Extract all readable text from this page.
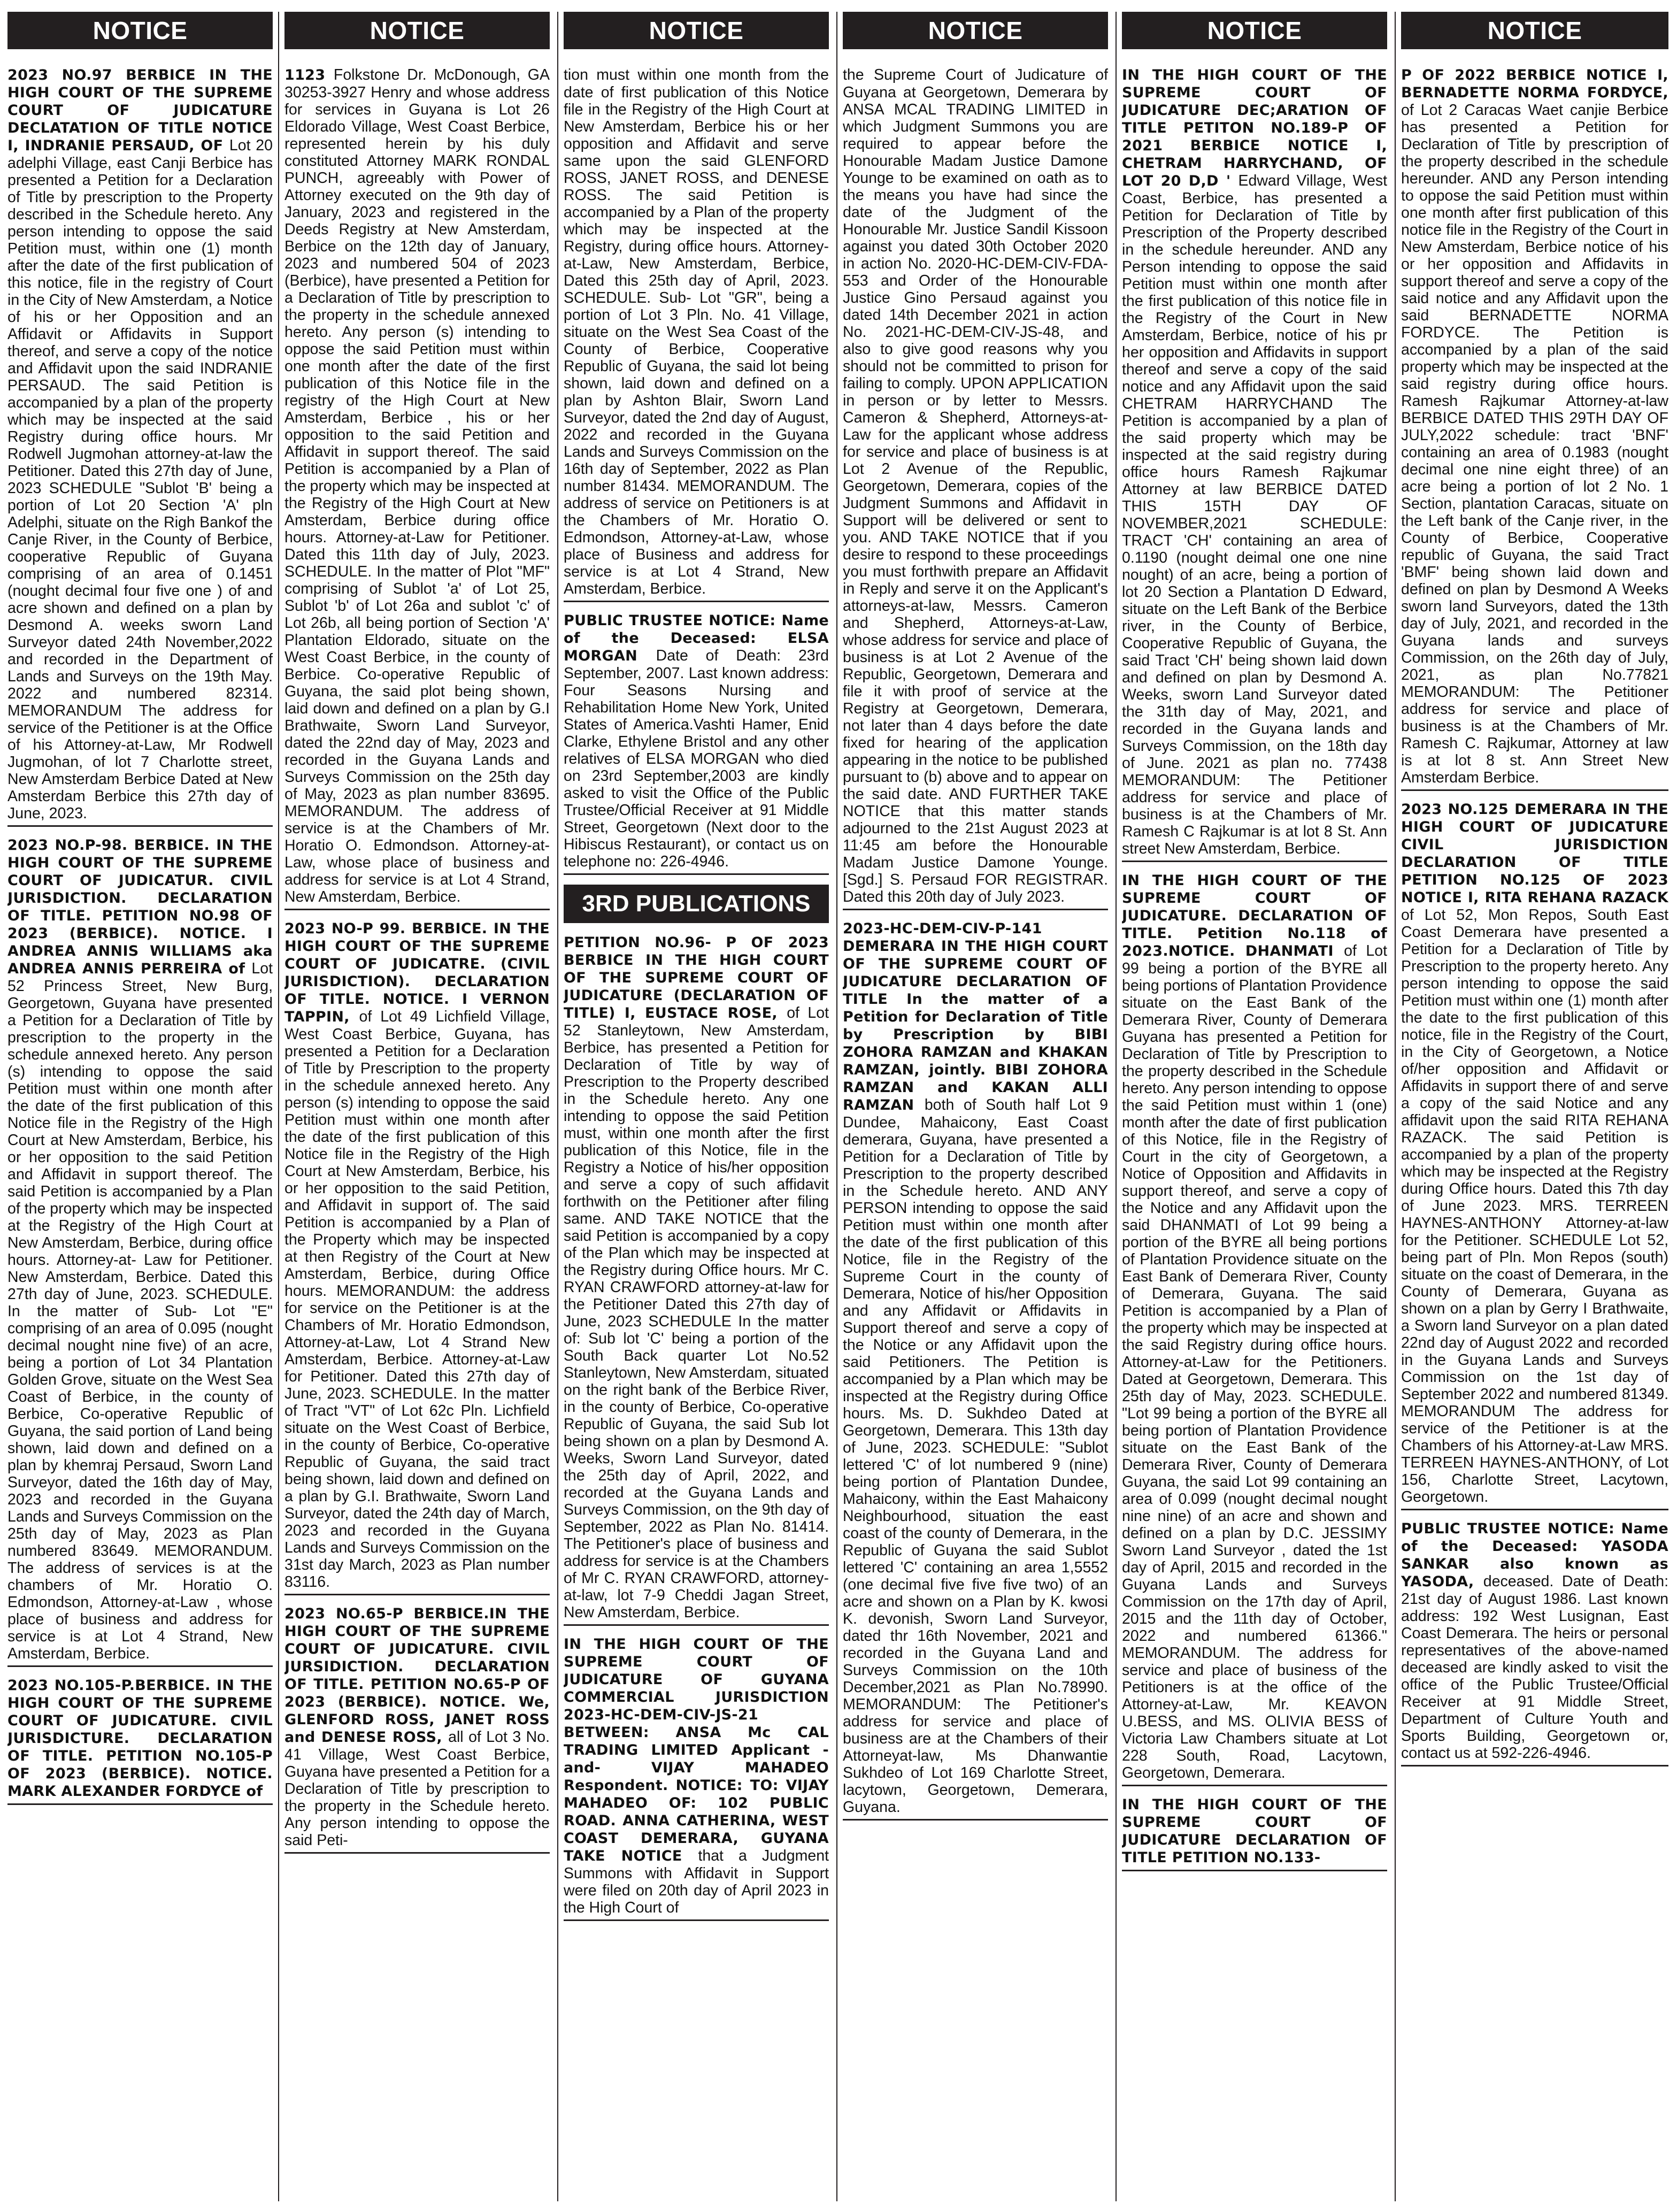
NOTICE
2023 NO.97 BERBICE IN THE HIGH COURT OF THE SUPREME COURT OF JUDICATURE DECLATATION OF TITLE NOTICE I, INDRANIE PERSAUD, OF Lot 20 adelphi Village, east Canji Berbice has presented a Petition for a Declaration of Title by prescription to the Property described in the Schedule hereto. Any person intending to oppose the said Petition must, within one (1) month after the date of the first publication of this notice, file in the registry of Court in the City of New Amsterdam, a Notice of his or her Opposition and an Affidavit or Affidavits in Support thereof, and serve a copy of the notice and Affidavit upon the said INDRANIE PERSAUD. The said Petition is accompanied by a plan of the property which may be inspected at the said Registry during office hours. Mr Rodwell Jugmohan attorney-at-law the Petitioner. Dated this 27th day of June, 2023 SCHEDULE "Sublot 'B' being a portion of Lot 20 Section 'A' pln Adelphi, situate on the Righ Bankof the Canje River, in the County of Berbice, cooperative Republic of Guyana comprising of an area of 0.1451 (nought decimal four five one ) of and acre shown and defined on a plan by Desmond A. weeks sworn Land Surveyor dated 24th November,2022 and recorded in the Department of Lands and Surveys on the 19th May. 2022 and numbered 82314. MEMORANDUM The address for service of the Petitioner is at the Office of his Attorney-at-Law, Mr Rodwell Jugmohan, of lot 7 Charlotte street, New Amsterdam Berbice Dated at New Amsterdam Berbice this 27th day of June, 2023.
2023 NO.P-98. BERBICE. IN THE HIGH COURT OF THE SUPREME COURT OF JUDICATUR. CIVIL JURISDICTION. DECLARATION OF TITLE. PETITION NO.98 OF 2023 (BERBICE). NOTICE. I ANDREA ANNIS WILLIAMS aka ANDREA ANNIS PERREIRA of Lot 52 Princess Street, New Burg, Georgetown, Guyana have presented a Petition for a Declaration of Title by prescription to the property in the schedule annexed hereto. Any person (s) intending to oppose the said Petition must within one month after the date of the first publication of this Notice file in the Registry of the High Court at New Amsterdam, Berbice, his or her opposition to the said Petition and Affidavit in support thereof. The said Petition is accompanied by a Plan of the property which may be inspected at the Registry of the High Court at New Amsterdam, Berbice, during office hours. Attorney-at- Law for Petitioner. New Amsterdam, Berbice. Dated this 27th day of June, 2023. SCHEDULE. In the matter of Sub- Lot "E" comprising of an area of 0.095 (nought decimal nought nine five) of an acre, being a portion of Lot 34 Plantation Golden Grove, situate on the West Sea Coast of Berbice, in the county of Berbice, Co-operative Republic of Guyana, the said portion of Land being shown, laid down and defined on a plan by khemraj Persaud, Sworn Land Surveyor, dated the 16th day of May, 2023 and recorded in the Guyana Lands and Surveys Commission on the 25th day of May, 2023 as Plan numbered 83649. MEMORANDUM. The address of services is at the chambers of Mr. Horatio O. Edmondson, Attorney-at-Law , whose place of business and address for service is at Lot 4 Strand, New Amsterdam, Berbice.
2023 NO.105-P.BERBICE. IN THE HIGH COURT OF THE SUPREME COURT OF JUDICATURE. CIVIL JURISDICTURE. DECLARATION OF TITLE. PETITION NO.105-P OF 2023 (BERBICE). NOTICE. MARK ALEXANDER FORDYCE of
NOTICE
1123 Folkstone Dr. McDonough, GA 30253-3927 Henry and whose address for services in Guyana is Lot 26 Eldorado Village, West Coast Berbice, represented herein by his duly constituted Attorney MARK RONDAL PUNCH, agreeably with Power of Attorney executed on the 9th day of January, 2023 and registered in the Deeds Registry at New Amsterdam, Berbice on the 12th day of January, 2023 and numbered 504 of 2023 (Berbice), have presented a Petition for a Declaration of Title by prescription to the property in the schedule annexed hereto. Any person (s) intending to oppose the said Petition must within one month after the date of the first publication of this Notice file in the registry of the High Court at New Amsterdam, Berbice , his or her opposition to the said Petition and Affidavit in support thereof. The said Petition is accompanied by a Plan of the property which may be inspected at the Registry of the High Court at New Amsterdam, Berbice during office hours. Attorney-at-Law for Petitioner. Dated this 11th day of July, 2023. SCHEDULE. In the matter of Plot "MF" comprising of Sublot 'a' of Lot 25, Sublot 'b' of Lot 26a and sublot 'c' of Lot 26b, all being portion of Section 'A' Plantation Eldorado, situate on the West Coast Berbice, in the county of Berbice. Co-operative Republic of Guyana, the said plot being shown, laid down and defined on a plan by G.I Brathwaite, Sworn Land Surveyor, dated the 22nd day of May, 2023 and recorded in the Guyana Lands and Surveys Commission on the 25th day of May, 2023 as plan number 83695. MEMORANDUM. The address of service is at the Chambers of Mr. Horatio O. Edmondson. Attorney-at-Law, whose place of business and address for service is at Lot 4 Strand, New Amsterdam, Berbice.
2023 NO-P 99. BERBICE. IN THE HIGH COURT OF THE SUPREME COURT OF JUDICATRE. (CIVIL JURISDICTION). DECLARATION OF TITLE. NOTICE. I VERNON TAPPIN, of Lot 49 Lichfield Village, West Coast Berbice, Guyana, has presented a Petition for a Declaration of Title by Prescription to the property in the schedule annexed hereto. Any person (s) intending to oppose the said Petition must within one month after the date of the first publication of this Notice file in the Registry of the High Court at New Amsterdam, Berbice, his or her opposition to the said Petition, and Affidavit in support of. The said Petition is accompanied by a Plan of the Property which may be inspected at then Registry of the Court at New Amsterdam, Berbice, during Office hours. MEMORANDUM: the address for service on the Petitioner is at the Chambers of Mr. Horatio Edmondson, Attorney-at-Law, Lot 4 Strand New Amsterdam, Berbice. Attorney-at-Law for Petitioner. Dated this 27th day of June, 2023. SCHEDULE. In the matter of Tract "VT" of Lot 62c Pln. Lichfield situate on the West Coast of Berbice, in the county of Berbice, Co-operative Republic of Guyana, the said tract being shown, laid down and defined on a plan by G.I. Brathwaite, Sworn Land Surveyor, dated the 24th day of March, 2023 and recorded in the Guyana Lands and Surveys Commission on the 31st day March, 2023 as Plan number 83116.
2023 NO.65-P BERBICE.IN THE HIGH COURT OF THE SUPREME COURT OF JUDICATURE. CIVIL JURSIDICTION. DECLARATION OF TITLE. PETITION NO.65-P OF 2023 (BERBICE). NOTICE. We, GLENFORD ROSS, JANET ROSS and DENESE ROSS, all of Lot 3 No. 41 Village, West Coast Berbice, Guyana have presented a Petition for a Declaration of Title by prescription to the property in the Schedule hereto. Any person intending to oppose the said Peti-
NOTICE
tion must within one month from the date of first publication of this Notice file in the Registry of the High Court at New Amsterdam, Berbice his or her opposition and Affidavit and serve same upon the said GLENFORD ROSS, JANET ROSS, and DENESE ROSS. The said Petition is accompanied by a Plan of the property which may be inspected at the Registry, during office hours. Attorney-at-Law, New Amsterdam, Berbice, Dated this 25th day of April, 2023. SCHEDULE. Sub- Lot "GR", being a portion of Lot 3 Pln. No. 41 Village, situate on the West Sea Coast of the County of Berbice, Cooperative Republic of Guyana, the said lot being shown, laid down and defined on a plan by Ashton Blair, Sworn Land Surveyor, dated the 2nd day of August, 2022 and recorded in the Guyana Lands and Surveys Commission on the 16th day of September, 2022 as Plan number 81434. MEMORANDUM. The address of service on Petitioners is at the Chambers of Mr. Horatio O. Edmondson, Attorney-at-Law, whose place of Business and address for service is at Lot 4 Strand, New Amsterdam, Berbice.
PUBLIC TRUSTEE NOTICE: Name of the Deceased: ELSA MORGAN Date of Death: 23rd September, 2007. Last known address: Four Seasons Nursing and Rehabilitation Home New York, United States of America.Vashti Hamer, Enid Clarke, Ethylene Bristol and any other relatives of ELSA MORGAN who died on 23rd September,2003 are kindly asked to visit the Office of the Public Trustee/Official Receiver at 91 Middle Street, Georgetown (Next door to the Hibiscus Restaurant), or contact us on telephone no: 226-4946.
3RD PUBLICATIONS
PETITION NO.96- P OF 2023 BERBICE IN THE HIGH COURT OF THE SUPREME COURT OF JUDICATURE (DECLARATION OF TITLE) I, EUSTACE ROSE, of Lot 52 Stanleytown, New Amsterdam, Berbice, has presented a Petition for Declaration of Title by way of Prescription to the Property described in the Schedule hereto. Any one intending to oppose the said Petition must, within one month after the first publication of this Notice, file in the Registry a Notice of his/her opposition and serve a copy of such affidavit forthwith on the Petitioner after filing same. AND TAKE NOTICE that the said Petition is accompanied by a copy of the Plan which may be inspected at the Registry during Office hours. Mr C. RYAN CRAWFORD attorney-at-law for the Petitioner Dated this 27th day of June, 2023 SCHEDULE In the matter of: Sub lot 'C' being a portion of the South Back quarter Lot No.52 Stanleytown, New Amsterdam, situated on the right bank of the Berbice River, in the county of Berbice, Co-operative Republic of Guyana, the said Sub lot being shown on a plan by Desmond A. Weeks, Sworn Land Surveyor, dated the 25th day of April, 2022, and recorded at the Guyana Lands and Surveys Commission, on the 9th day of September, 2022 as Plan No. 81414. The Petitioner's place of business and address for service is at the Chambers of Mr C. RYAN CRAWFORD, attorney-at-law, lot 7-9 Cheddi Jagan Street, New Amsterdam, Berbice.
IN THE HIGH COURT OF THE SUPREME COURT OF JUDICATURE OF GUYANA COMMERCIAL JURISDICTION 2023-HC-DEM-CIV-JS-21 BETWEEN: ANSA Mc CAL TRADING LIMITED Applicant -and- VIJAY MAHADEO Respondent. NOTICE: TO: VIJAY MAHADEO OF: 102 PUBLIC ROAD. ANNA CATHERINA, WEST COAST DEMERARA, GUYANA TAKE NOTICE that a Judgment Summons with Affidavit in Support were filed on 20th day of April 2023 in the High Court of
NOTICE
the Supreme Court of Judicature of Guyana at Georgetown, Demerara by ANSA MCAL TRADING LIMITED in which Judgment Summons you are required to appear before the Honourable Madam Justice Damone Younge to be examined on oath as to the means you have had since the date of the Judgment of the Honourable Mr. Justice Sandil Kissoon against you dated 30th October 2020 in action No. 2020-HC-DEM-CIV-FDA-553 and Order of the Honourable Justice Gino Persaud against you dated 14th December 2021 in action No. 2021-HC-DEM-CIV-JS-48, and also to give good reasons why you should not be committed to prison for failing to comply. UPON APPLICATION in person or by letter to Messrs. Cameron & Shepherd, Attorneys-at-Law for the applicant whose address for service and place of business is at Lot 2 Avenue of the Republic, Georgetown, Demerara, copies of the Judgment Summons and Affidavit in Support will be delivered or sent to you. AND TAKE NOTICE that if you desire to respond to these proceedings you must forthwith prepare an Affidavit in Reply and serve it on the Applicant's attorneys-at-law, Messrs. Cameron and Shepherd, Attorneys-at-Law, whose address for service and place of business is at Lot 2 Avenue of the Republic, Georgetown, Demerara and file it with proof of service at the Registry at Georgetown, Demerara, not later than 4 days before the date fixed for hearing of the application appearing in the notice to be published pursuant to (b) above and to appear on the said date. AND FURTHER TAKE NOTICE that this matter stands adjourned to the 21st August 2023 at 11:45 am before the Honourable Madam Justice Damone Younge. [Sgd.] S. Persaud FOR REGISTRAR. Dated this 20th day of July 2023.
2023-HC-DEM-CIV-P-141 DEMERARA IN THE HIGH COURT OF THE SUPREME COURT OF JUDICATURE DECLARATION OF TITLE In the matter of a Petition for Declaration of Title by Prescription by BIBI ZOHORA RAMZAN and KHAKAN RAMZAN, jointly. BIBI ZOHORA RAMZAN and KAKAN ALLI RAMZAN both of South half Lot 9 Dundee, Mahaicony, East Coast demerara, Guyana, have presented a Petition for a Declaration of Title by Prescription to the property described in the Schedule hereto. AND ANY PERSON intending to oppose the said Petition must within one month after the date of the first publication of this Notice, file in the Registry of the Supreme Court in the county of Demerara, Notice of his/her Opposition and any Affidavit or Affidavits in Support thereof and serve a copy of the Notice or any Affidavit upon the said Petitioners. The Petition is accompanied by a Plan which may be inspected at the Registry during Office hours. Ms. D. Sukhdeo Dated at Georgetown, Demerara. This 13th day of June, 2023. SCHEDULE: "Sublot lettered 'C' of lot numbered 9 (nine) being portion of Plantation Dundee, Mahaicony, within the East Mahaicony Neighbourhood, situation the east coast of the county of Demerara, in the Republic of Guyana the said Sublot lettered 'C' containing an area 1,5552 (one decimal five five five two) of an acre and shown on a Plan by K. kwosi K. devonish, Sworn Land Surveyor, dated thr 16th November, 2021 and recorded in the Guyana Land and Surveys Commission on the 10th December,2021 as Plan No.78990. MEMORANDUM: The Petitioner's address for service and place of business are at the Chambers of their Attorneyat-law, Ms Dhanwantie Sukhdeo of Lot 169 Charlotte Street, lacytown, Georgetown, Demerara, Guyana.
NOTICE
IN THE HIGH COURT OF THE SUPREME COURT OF JUDICATURE DEC;ARATION OF TITLE PETITON NO.189-P OF 2021 BERBICE NOTICE I, CHETRAM HARRYCHAND, OF LOT 20 D,D ' Edward Village, West Coast, Berbice, has presented a Petition for Declaration of Title by Prescription of the Property described in the schedule hereunder. AND any Person intending to oppose the said Petition must within one month after the first publication of this notice file in the Registry of the Court in New Amsterdam, Berbice, notice of his pr her opposition and Affidavits in support thereof and serve a copy of the said notice and any Affidavit upon the said CHETRAM HARRYCHAND The Petition is accompanied by a plan of the said property which may be inspected at the said registry during office hours Ramesh Rajkumar Attorney at law BERBICE DATED THIS 15TH DAY OF NOVEMBER,2021 SCHEDULE: TRACT 'CH' containing an area of 0.1190 (nought deimal one one nine nought) of an acre, being a portion of lot 20 Section a Plantation D Edward, situate on the Left Bank of the Berbice river, in the County of Berbice, Cooperative Republic of Guyana, the said Tract 'CH' being shown laid down and defined on plan by Desmond A. Weeks, sworn Land Surveyor dated the 31th day of May, 2021, and recorded in the Guyana lands and Surveys Commission, on the 18th day of June. 2021 as plan no. 77438 MEMORANDUM: The Petitioner address for service and place of business is at the Chambers of Mr. Ramesh C Rajkumar is at lot 8 St. Ann street New Amsterdam, Berbice.
IN THE HIGH COURT OF THE SUPREME COURT OF JUDICATURE. DECLARATION OF TITLE. Petition No.118 of 2023.NOTICE. DHANMATI of Lot 99 being a portion of the BYRE all being portions of Plantation Providence situate on the East Bank of the Demerara River, County of Demerara Guyana has presented a Petition for Declaration of Title by Prescription to the property described in the Schedule hereto. Any person intending to oppose the said Petition must within 1 (one) month after the date of first publication of this Notice, file in the Registry of Court in the city of Georgetown, a Notice of Opposition and Affidavits in support thereof, and serve a copy of the Notice and any Affidavit upon the said DHANMATI of Lot 99 being a portion of the BYRE all being portions of Plantation Providence situate on the East Bank of Demerara River, County of Demerara, Guyana. The said Petition is accompanied by a Plan of the property which may be inspected at the said Registry during office hours. Attorney-at-Law for the Petitioners. Dated at Georgetown, Demerara. This 25th day of May, 2023. SCHEDULE. "Lot 99 being a portion of the BYRE all being portion of Plantation Providence situate on the East Bank of the Demerara River, County of Demerara Guyana, the said Lot 99 containing an area of 0.099 (nought decimal nought nine nine) of an acre and shown and defined on a plan by D.C. JESSIMY Sworn Land Surveyor , dated the 1st day of April, 2015 and recorded in the Guyana Lands and Surveys Commission on the 17th day of April, 2015 and the 11th day of October, 2022 and numbered 61366." MEMORANDUM. The address for service and place of business of the Petitioners is at the office of the Attorney-at-Law, Mr. KEAVON U.BESS, and MS. OLIVIA BESS of Victoria Law Chambers situate at Lot 228 South, Road, Lacytown, Georgetown, Demerara.
IN THE HIGH COURT OF THE SUPREME COURT OF JUDICATURE DECLARATION OF TITLE PETITION NO.133-
NOTICE
P OF 2022 BERBICE NOTICE I, BERNADETTE NORMA FORDYCE, of Lot 2 Caracas Waet canjie Berbice has presented a Petition for Declaration of Title by prescription of the property described in the schedule hereunder. AND any Person intending to oppose the said Petition must within one month after first publication of this notice file in the Registry of the Court in New Amsterdam, Berbice notice of his or her opposition and Affidavits in support thereof and serve a copy of the said notice and any Affidavit upon the said BERNADETTE NORMA FORDYCE. The Petition is accompanied by a plan of the said property which may be inspected at the said registry during office hours. Ramesh Rajkumar Attorney-at-law BERBICE DATED THIS 29TH DAY OF JULY,2022 schedule: tract 'BNF' containing an area of 0.1983 (nought decimal one nine eight three) of an acre being a portion of lot 2 No. 1 Section, plantation Caracas, situate on the Left bank of the Canje river, in the County of Berbice, Cooperative republic of Guyana, the said Tract 'BMF' being shown laid down and defined on plan by Desmond A Weeks sworn land Surveyors, dated the 13th day of July, 2021, and recorded in the Guyana lands and surveys Commission, on the 26th day of July, 2021, as plan No.77821 MEMORANDUM: The Petitioner address for service and place of business is at the Chambers of Mr. Ramesh C. Rajkumar, Attorney at law is at lot 8 st. Ann Street New Amsterdam Berbice.
2023 NO.125 DEMERARA IN THE HIGH COURT OF JUDICATURE CIVIL JURISDICTION DECLARATION OF TITLE PETITION NO.125 OF 2023 NOTICE I, RITA REHANA RAZACK of Lot 52, Mon Repos, South East Coast Demerara have presented a Petition for a Declaration of Title by Prescription to the property hereto. Any person intending to oppose the said Petition must within one (1) month after the date to the first publication of this notice, file in the Registry of the Court, in the City of Georgetown, a Notice of/her opposition and Affidavit or Affidavits in support there of and serve a copy of the said Notice and any affidavit upon the said RITA REHANA RAZACK. The said Petition is accompanied by a plan of the property which may be inspected at the Registry during Office hours. Dated this 7th day of June 2023. MRS. TERREEN HAYNES-ANTHONY Attorney-at-law for the Petitioner. SCHEDULE Lot 52, being part of Pln. Mon Repos (south) situate on the coast of Demerara, in the County of Demerara, Guyana as shown on a plan by Gerry I Brathwaite, a Sworn land Surveyor on a plan dated 22nd day of August 2022 and recorded in the Guyana Lands and Surveys Commission on the 1st day of September 2022 and numbered 81349. MEMORANDUM The address for service of the Petitioner is at the Chambers of his Attorney-at-Law MRS. TERREEN HAYNES-ANTHONY, of Lot 156, Charlotte Street, Lacytown, Georgetown.
PUBLIC TRUSTEE NOTICE: Name of the Deceased: YASODA SANKAR also known as YASODA, deceased. Date of Death: 21st day of August 1986. Last known address: 192 West Lusignan, East Coast Demerara. The heirs or personal representatives of the above-named deceased are kindly asked to visit the office of the Public Trustee/Official Receiver at 91 Middle Street, Department of Culture Youth and Sports Building, Georgetown or, contact us at 592-226-4946.
